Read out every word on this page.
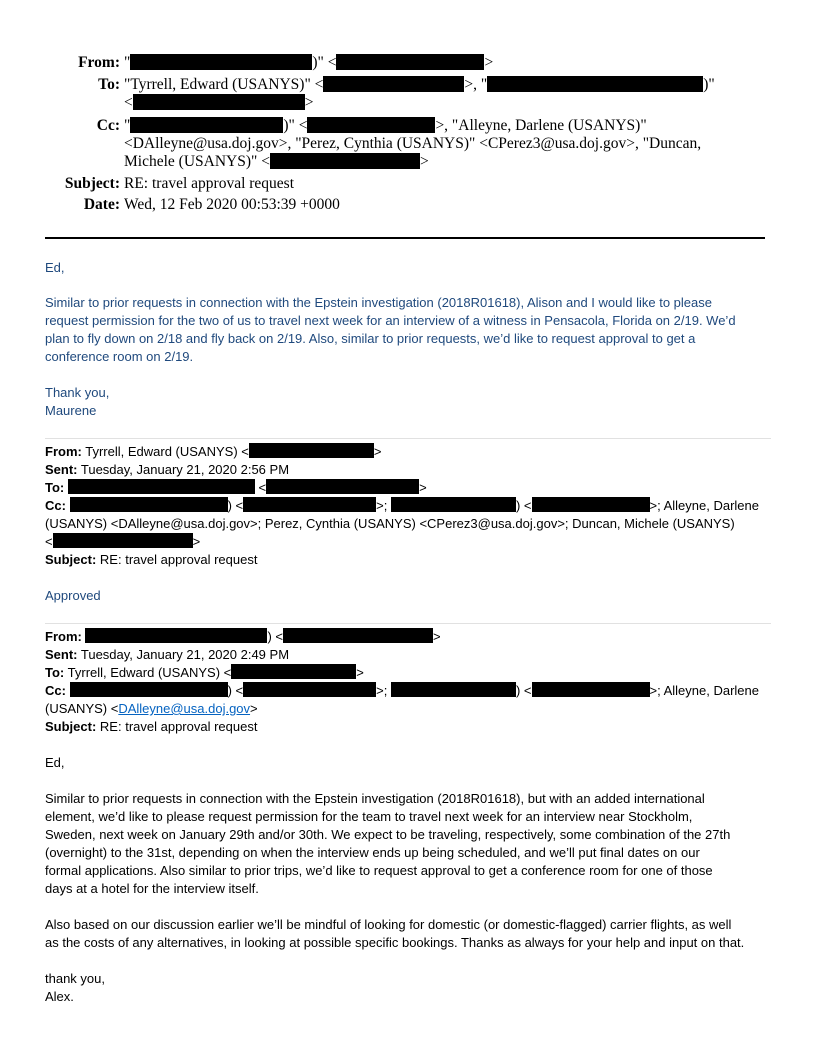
From: "	)" <	>
To: "Tyrrell, Edward (USANYS)" <	>, "	)"
<	>
Cc: "	)" <	>, "Alleyne, Darlene (USANYS)"
<DAlleyne@usa.doj.gov>, "Perez, Cynthia (USANYS)" <CPerez3@usa.doj.gov>, "Duncan,
Michele (USANYS)" <	>
Subject: RE: travel approval request
Date: Wed, 12 Feb 2020 00:53:39 +0000
Ed,
Similar to prior requests in connection with the Epstein investigation (2018R01618), Alison and I would like to please
request permission for the two of us to travel next week for an interview of a witness in Pensacola, Florida on 2/19. We’d
plan to fly down on 2/18 and fly back on 2/19. Also, similar to prior requests, we’d like to request approval to get a
conference room on 2/19.
Thank you,
Maurene
From: Tyrrell, Edward (USANYS) <	>
Sent: Tuesday, January 21, 2020 2:56 PM
To:	<	>
Cc:	) <	>;	) <	>; Alleyne, Darlene
(USANYS) <DAlleyne@usa.doj.gov>; Perez, Cynthia (USANYS) <CPerez3@usa.doj.gov>; Duncan, Michele (USANYS)
<	>
Subject: RE: travel approval request
Approved
From:	) <	>
Sent: Tuesday, January 21, 2020 2:49 PM
To: Tyrrell, Edward (USANYS) <	>
Cc:	) <	>;	) <	>; Alleyne, Darlene
(USANYS) <DAlleyne@usa.doj.gov>
Subject: RE: travel approval request
Ed,
Similar to prior requests in connection with the Epstein investigation (2018R01618), but with an added international
element, we’d like to please request permission for the team to travel next week for an interview near Stockholm,
Sweden, next week on January 29th and/or 30th. We expect to be traveling, respectively, some combination of the 27th
(overnight) to the 31st, depending on when the interview ends up being scheduled, and we’ll put final dates on our
formal applications. Also similar to prior trips, we’d like to request approval to get a conference room for one of those
days at a hotel for the interview itself.
Also based on our discussion earlier we’ll be mindful of looking for domestic (or domestic-flagged) carrier flights, as well
as the costs of any alternatives, in looking at possible specific bookings. Thanks as always for your help and input on that.
thank you,
Alex.
